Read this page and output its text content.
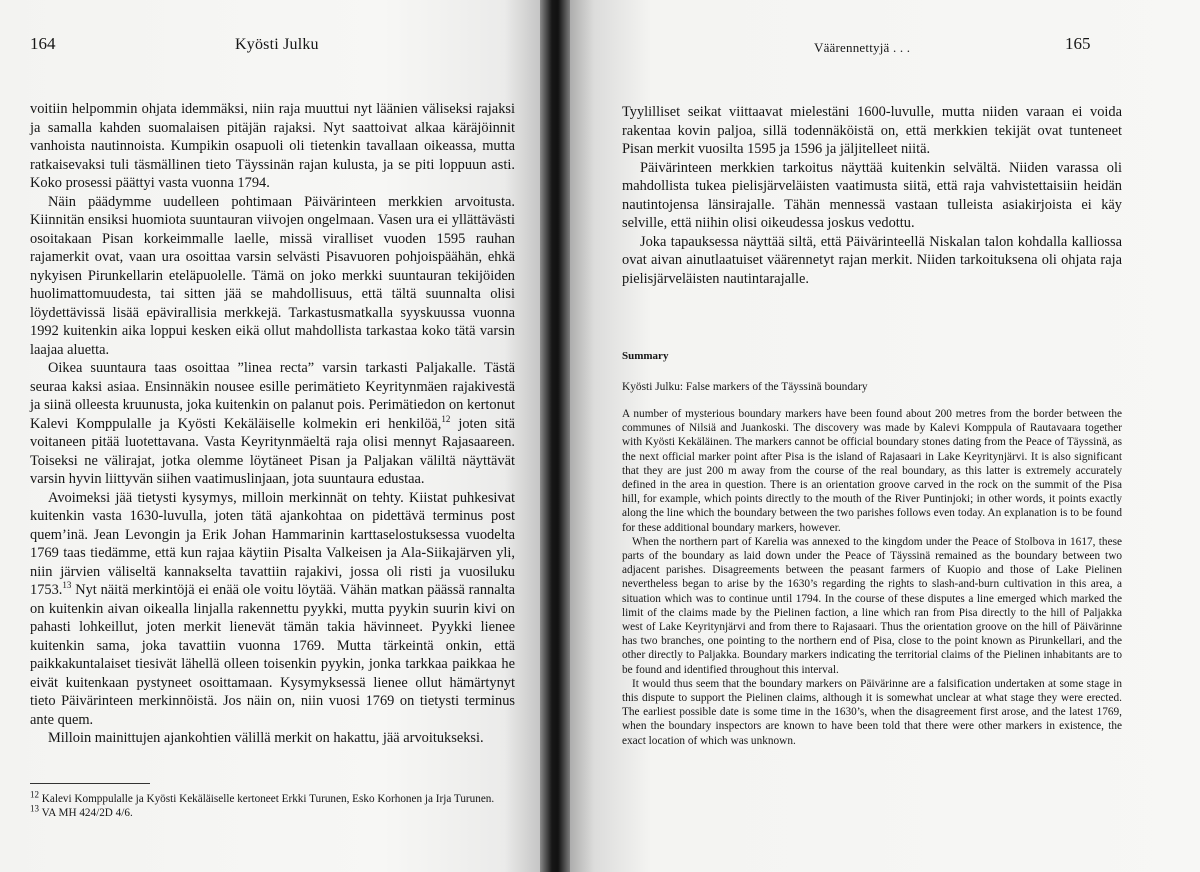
164	Kyösti Julku

voitiin helpommin ohjata idemmäksi, niin raja muuttui nyt läänien väliseksi rajaksi ja samalla kahden suomalaisen pitäjän rajaksi. Nyt saattoivat alkaa käräjöinnit vanhoista nautinnoista. Kumpikin osapuoli oli tietenkin tavallaan oikeassa, mutta ratkaisevaksi tuli täsmällinen tieto Täyssinän rajan kulusta, ja se piti loppuun asti. Koko prosessi päättyi vasta vuonna 1794.

Näin päädymme uudelleen pohtimaan Päivärinteen merkkien arvoitusta. Kiinnitän ensiksi huomiota suuntauran viivojen ongelmaan. Vasen ura ei yllättävästi osoitakaan Pisan korkeimmalle laelle, missä viralliset vuoden 1595 rauhan rajamerkit ovat, vaan ura osoittaa varsin selvästi Pisavuoren pohjoispäähän, ehkä nykyisen Pirunkellarin eteläpuolelle. Tämä on joko merkki suuntauran tekijöiden huolimattomuudesta, tai sitten jää se mahdollisuus, että tältä suunnalta olisi löydettävissä lisää epävirallisia merkkejä. Tarkastusmatkalla syyskuussa vuonna 1992 kuitenkin aika loppui kesken eikä ollut mahdollista tarkastaa koko tätä varsin laajaa aluetta.

Oikea suuntaura taas osoittaa ”linea recta” varsin tarkasti Paljakalle. Tästä seuraa kaksi asiaa. Ensinnäkin nousee esille perimätieto Keyritynmäen rajakivestä ja siinä olleesta kruunusta, joka kuitenkin on palanut pois. Perimätiedon on kertonut Kalevi Komppulalle ja Kyösti Kekäläiselle kolmekin eri henkilöä,$^{12}$ joten sitä voitaneen pitää luotettavana. Vasta Keyritynmäeltä raja olisi mennyt Rajasaareen. Toiseksi ne välirajat, jotka olemme löytäneet Pisan ja Paljakan väliltä näyttävät varsin hyvin liittyvän siihen vaatimuslinjaan, jota suuntaura edustaa.

Avoimeksi jää tietysti kysymys, milloin merkinnät on tehty. Kiistat puhkesivat kuitenkin vasta 1630-luvulla, joten tätä ajankohtaa on pidettävä terminus post quem’inä. Jean Levongin ja Erik Johan Hammarinin karttaselostuksessa vuodelta 1769 taas tiedämme, että kun rajaa käytiin Pisalta Valkeisen ja Ala-Siikajärven yli, niin järvien väliseltä kannakselta tavattiin rajakivi, jossa oli risti ja vuosiluku 1753.13 Nyt näitä merkintöjä ei enää ole voitu löytää. Vähän matkan päässä rannalta on kuitenkin aivan oikealla linjalla rakennettu pyykki, mutta pyykin suurin kivi on pahasti lohkeillut, joten merkit lienevät tämän takia hävinneet. Pyykki lienee kuitenkin sama, joka tavattiin vuonna 1769. Mutta tärkeintä onkin, että paikkakuntalaiset tiesivät lähellä olleen toisenkin pyykin, jonka tarkkaa paikkaa he eivät kuitenkaan pystyneet osoittamaan. Kysymyksessä lienee ollut hämärtynyt tieto Päivärinteen merkinnöistä. Jos näin on, niin vuosi 1769 on tietysti terminus ante quem.

Milloin mainittujen ajankohtien välillä merkit on hakattu, jää arvoitukseksi.

$^{12}$ Kalevi Komppulalle ja Kyösti Kekäläiselle kertoneet Erkki Turunen, Esko Korhonen ja Irja Turunen.

$^{13}$ VA MH 424/2D 4/6.

Väärennettyjä . . .	165

Tyylilliset seikat viittaavat mielestäni 1600-luvulle, mutta niiden varaan ei voida rakentaa kovin paljoa, sillä todennäköistä on, että merkkien tekijät ovat tunteneet Pisan merkit vuosilta 1595 ja 1596 ja jäljitelleet niitä.

Päivärinteen merkkien tarkoitus näyttää kuitenkin selvältä. Niiden varassa oli mahdollista tukea pielisjärveläisten vaatimusta siitä, että raja vahvistettaisiin heidän nautintojensa länsirajalle. Tähän mennessä vastaan tulleista asiakirjoista ei käy selville, että niihin olisi oikeudessa joskus vedottu.

Joka tapauksessa näyttää siltä, että Päivärinteellä Niskalan talon kohdalla kalliossa ovat aivan ainutlaatuiset väärennetyt rajan merkit. Niiden tarkoituksena oli ohjata raja pielisjärveläisten nautintarajalle.

Summary
Kyösti Julku: False markers of the Täyssinä boundary

A number of mysterious boundary markers have been found about 200 metres from the border between the communes of Nilsiä and Juankoski. The discovery was made by Kalevi Komppula of Rautavaara together with Kyösti Kekäläinen. The markers cannot be official boundary stones dating from the Peace of Täyssinä, as the next official marker point after Pisa is the island of Rajasaari in Lake Keyritynjärvi. It is also significant that they are just 200 m away from the course of the real boundary, as this latter is extremely accurately defined in the area in question. There is an orientation groove carved in the rock on the summit of the Pisa hill, for example, which points directly to the mouth of the River Puntinjoki; in other words, it points exactly along the line which the boundary between the two parishes follows even today. An explanation is to be found for these additional boundary markers, however.

When the northern part of Karelia was annexed to the kingdom under the Peace of Stolbova in 1617, these parts of the boundary as laid down under the Peace of Täyssinä remained as the boundary between two adjacent parishes. Disagreements between the peasant farmers of Kuopio and those of Lake Pielinen nevertheless began to arise by the 1630’s regarding the rights to slash-and-burn cultivation in this area, a situation which was to continue until 1794. In the course of these disputes a line emerged which marked the limit of the claims made by the Pielinen faction, a line which ran from Pisa directly to the hill of Paljakka west of Lake Keyritynjärvi and from there to Rajasaari. Thus the orientation groove on the hill of Päivärinne has two branches, one pointing to the northern end of Pisa, close to the point known as Pirunkellari, and the other directly to Paljakka. Boundary markers indicating the territorial claims of the Pielinen inhabitants are to be found and identified throughout this interval.

It would thus seem that the boundary markers on Päivärinne are a falsification undertaken at some stage in this dispute to support the Pielinen claims, although it is somewhat unclear at what stage they were erected. The earliest possible date is some time in the 1630’s, when the disagreement first arose, and the latest 1769, when the boundary inspectors are known to have been told that there were other markers in existence, the exact location of which was unknown.
